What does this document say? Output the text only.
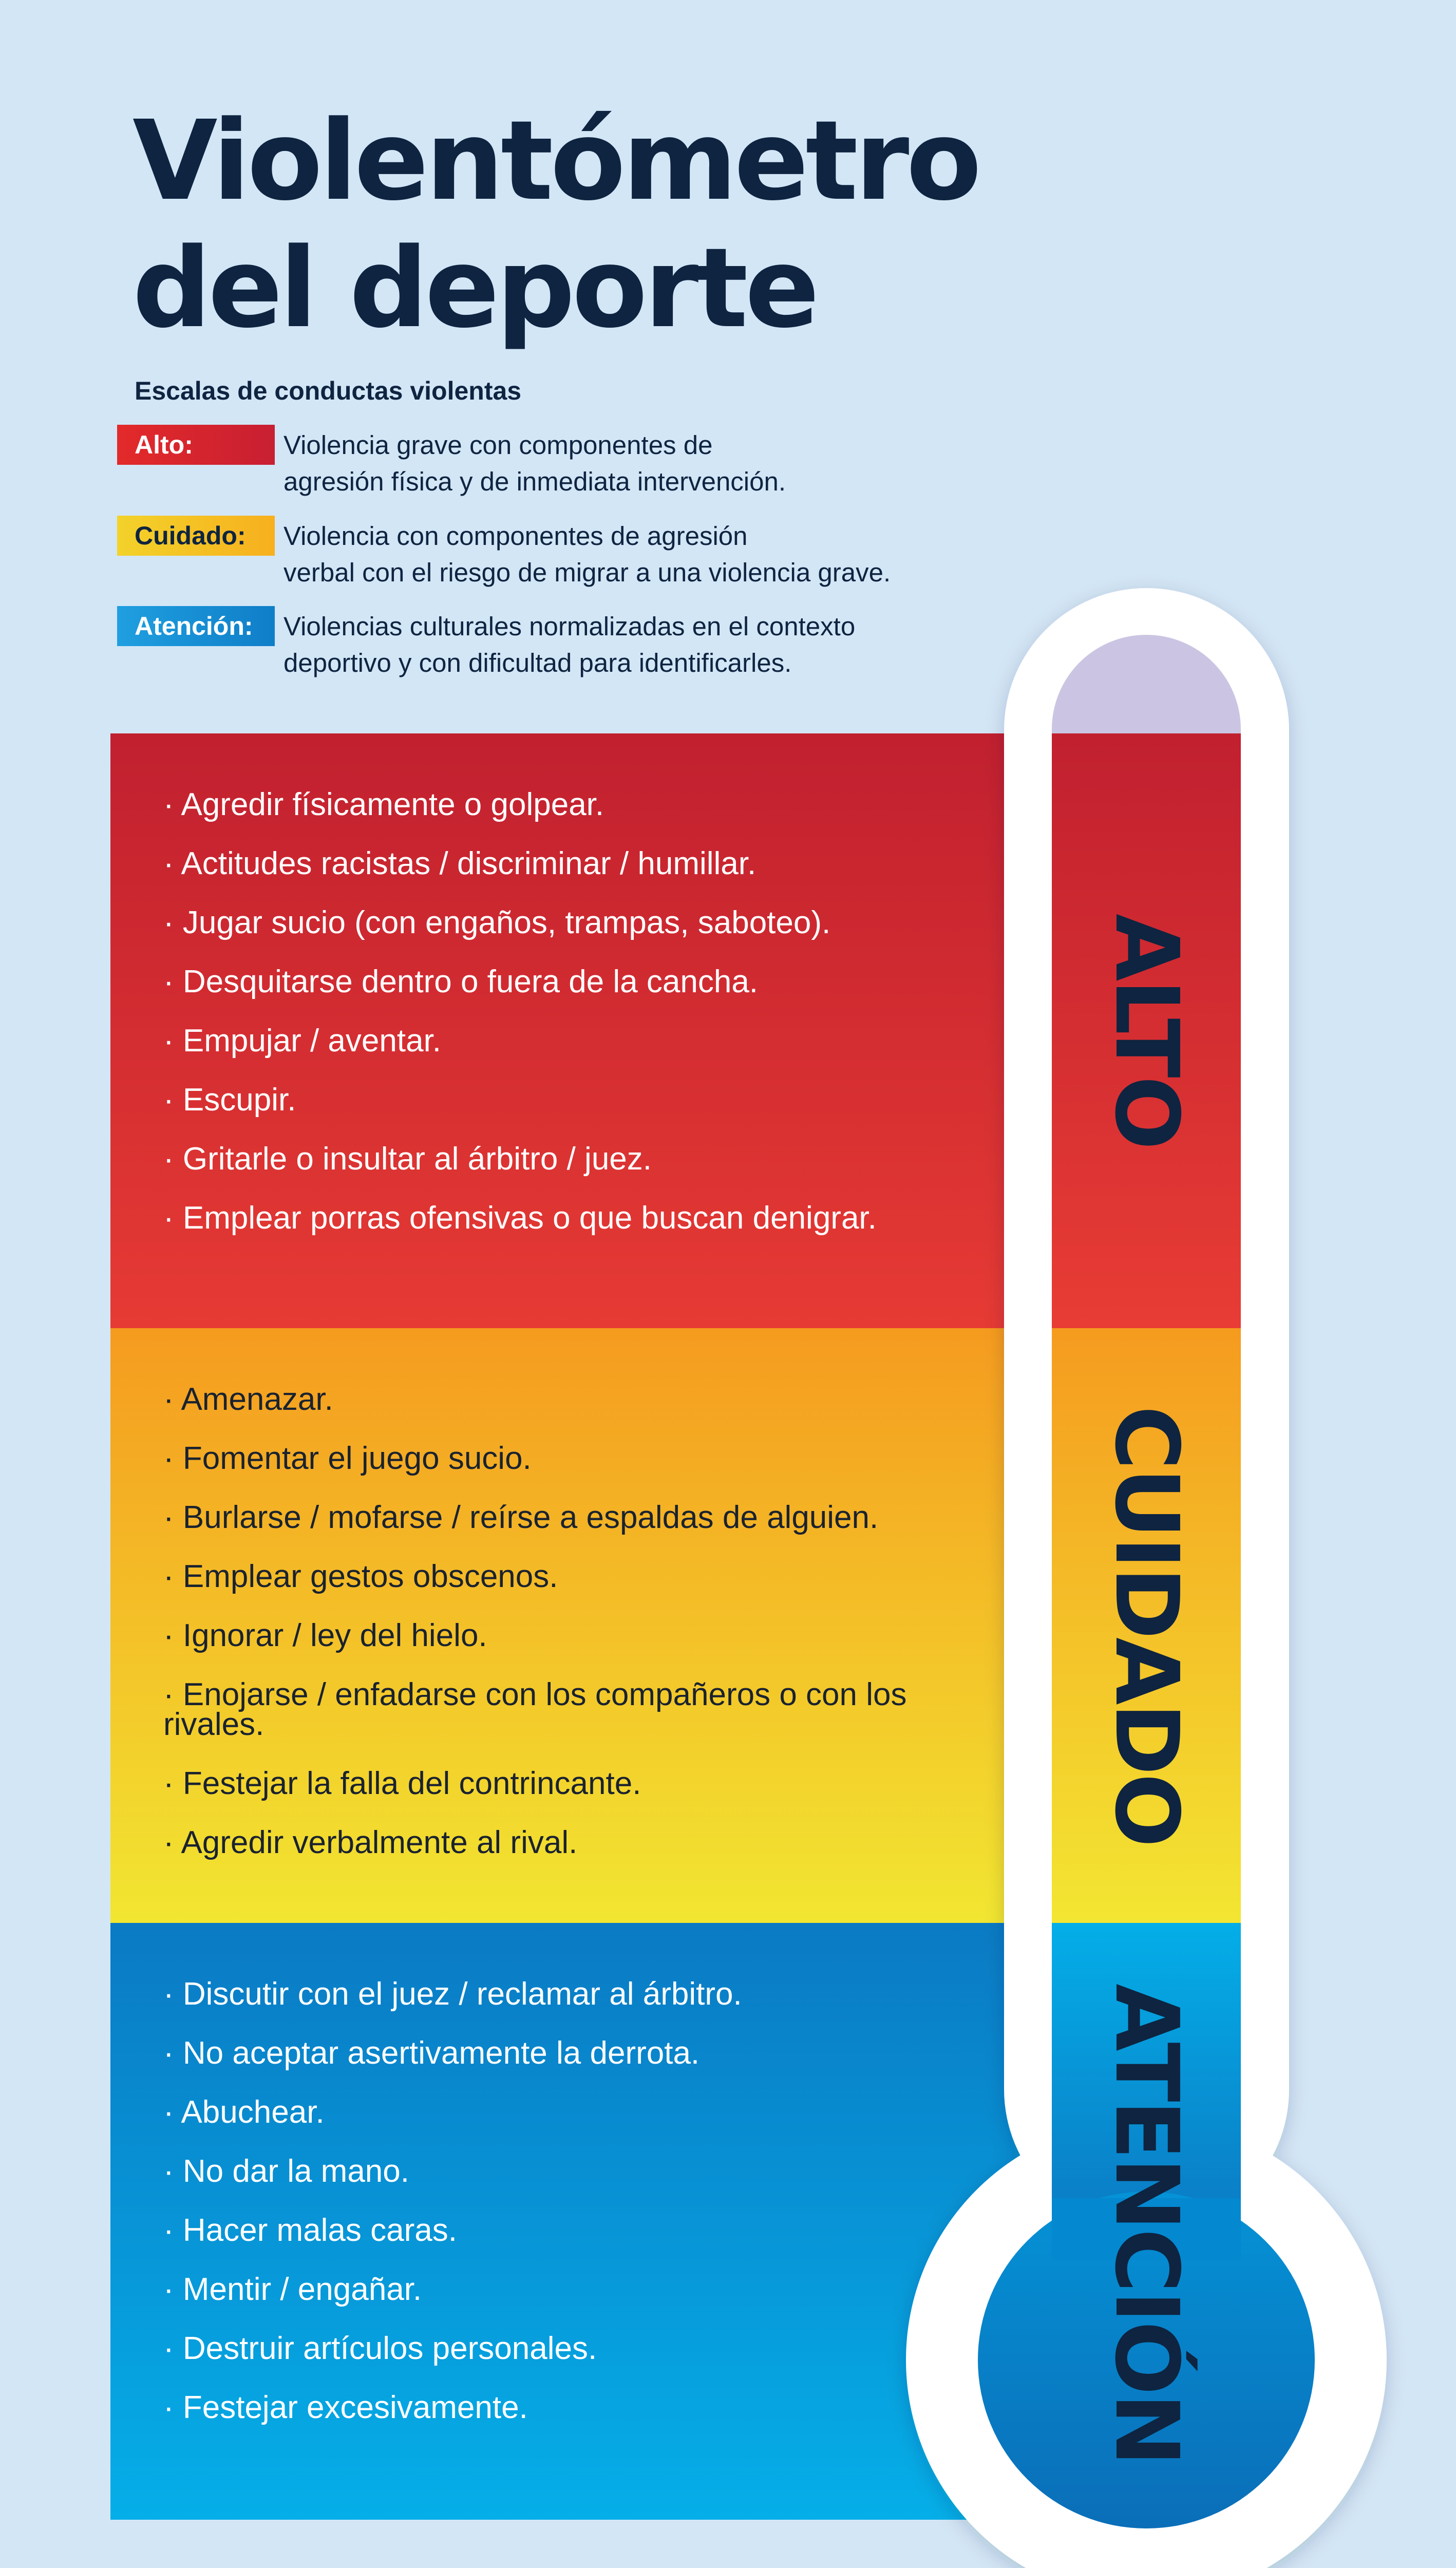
Violentómetro
del deporte
Escalas de conductas violentas
Alto:	Violencia grave con componentes de
agresión física y de inmediata intervención.
Cuidado:	Violencia con componentes de agresión
verbal con el riesgo de migrar a una violencia grave.
Atención:	Violencias culturales normalizadas en el contexto
deportivo y con dificultad para identificarles.
· Agredir físicamente o golpear.
· Actitudes racistas / discriminar / humillar.
· Jugar sucio (con engaños, trampas, saboteo).
· Desquitarse dentro o fuera de la cancha.
· Empujar / aventar.
· Escupir.
· Gritarle o insultar al árbitro / juez.
· Emplear porras ofensivas o que buscan denigrar.
· Amenazar.
· Fomentar el juego sucio.
· Burlarse / mofarse / reírse a espaldas de alguien.
· Emplear gestos obscenos.
· Ignorar / ley del hielo.
· Enojarse / enfadarse con los compañeros o con los rivales.
· Festejar la falla del contrincante.
· Agredir verbalmente al rival.
· Discutir con el juez / reclamar al árbitro.
· No aceptar asertivamente la derrota.
· Abuchear.
· No dar la mano.
· Hacer malas caras.
· Mentir / engañar.
· Destruir artículos personales.
· Festejar excesivamente.
ALTO
CUIDADO
ATENCIÓN
